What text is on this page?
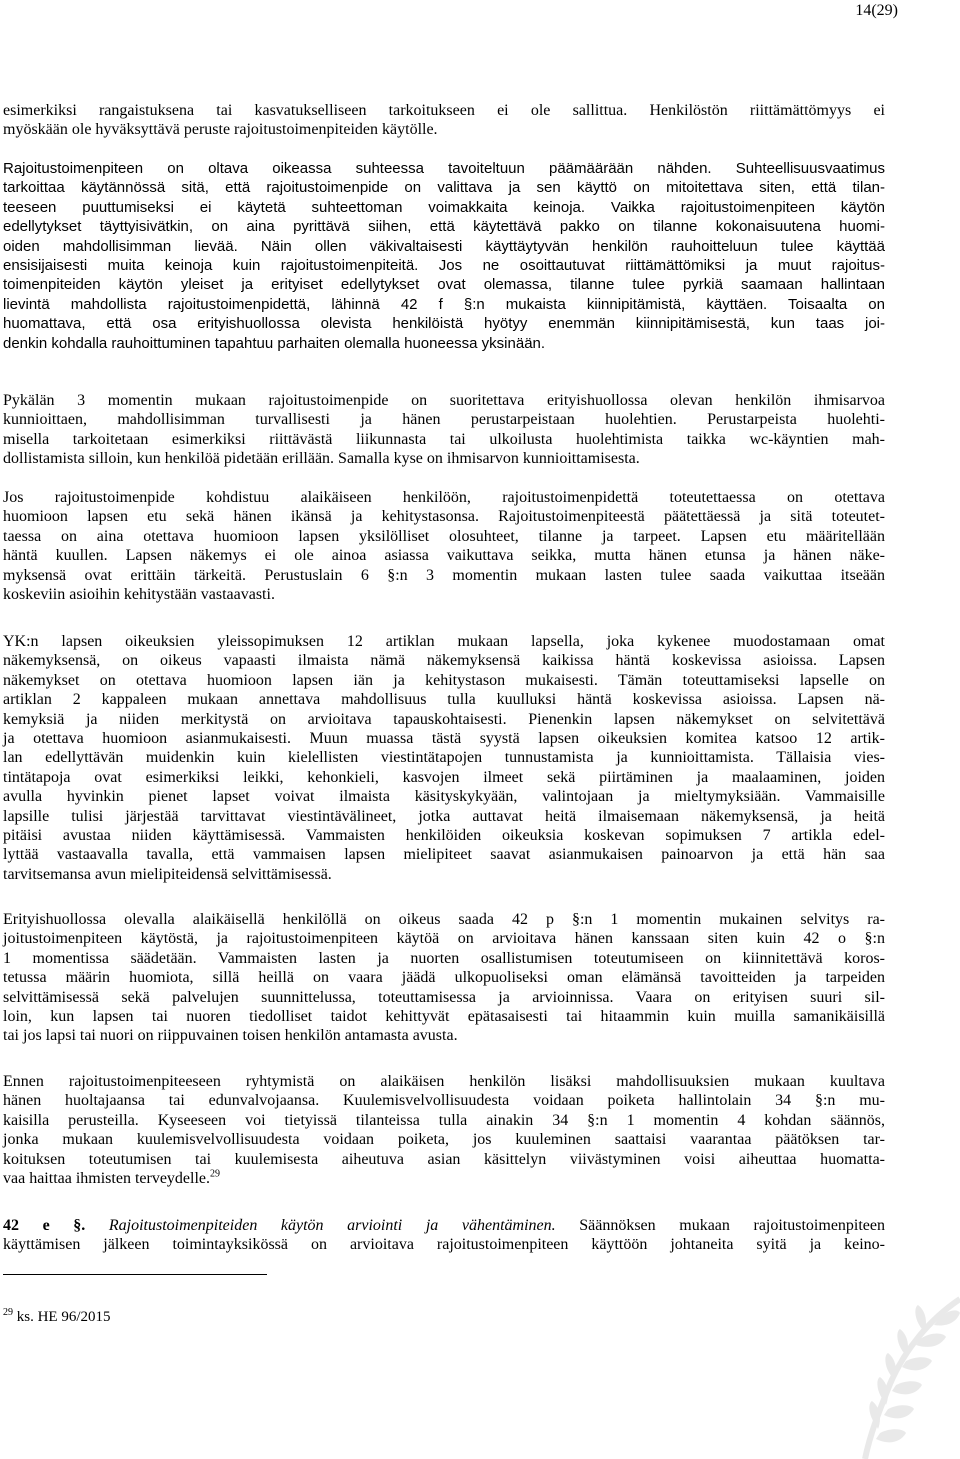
14(29)
esimerkiksi rangaistuksena tai kasvatukselliseen tarkoitukseen ei ole sallittua. Henkilöstön riittämättömyys ei
myöskään ole hyväksyttävä peruste rajoitustoimenpiteiden käytölle.
Rajoitustoimenpiteen on oltava oikeassa suhteessa tavoiteltuun päämäärään nähden. Suhteellisuusvaatimus
tarkoittaa käytännössä sitä, että rajoitustoimenpide on valittava ja sen käyttö on mitoitettava siten, että tilan-
teeseen puuttumiseksi ei käytetä suhteettoman voimakkaita keinoja. Vaikka rajoitustoimenpiteen käytön
edellytykset täyttyisivätkin, on aina pyrittävä siihen, että käytettävä pakko on tilanne kokonaisuutena huomi-
oiden mahdollisimman lievää. Näin ollen väkivaltaisesti käyttäytyvän henkilön rauhoitteluun tulee käyttää
ensisijaisesti muita keinoja kuin rajoitustoimenpiteitä. Jos ne osoittautuvat riittämättömiksi ja muut rajoitus-
toimenpiteiden käytön yleiset ja erityiset edellytykset ovat olemassa, tilanne tulee pyrkiä saamaan hallintaan
lievintä mahdollista rajoitustoimenpidettä, lähinnä 42 f §:n mukaista kiinnipitämistä, käyttäen. Toisaalta on
huomattava, että osa erityishuollossa olevista henkilöistä hyötyy enemmän kiinnipitämisestä, kun taas joi-
denkin kohdalla rauhoittuminen tapahtuu parhaiten olemalla huoneessa yksinään.
Pykälän 3 momentin mukaan rajoitustoimenpide on suoritettava erityishuollossa olevan henkilön ihmisarvoa
kunnioittaen, mahdollisimman turvallisesti ja hänen perustarpeistaan huolehtien. Perustarpeista huolehti-
misella tarkoitetaan esimerkiksi riittävästä liikunnasta tai ulkoilusta huolehtimista taikka wc-käyntien mah-
dollistamista silloin, kun henkilöä pidetään erillään. Samalla kyse on ihmisarvon kunnioittamisesta.
Jos rajoitustoimenpide kohdistuu alaikäiseen henkilöön, rajoitustoimenpidettä toteutettaessa on otettava
huomioon lapsen etu sekä hänen ikänsä ja kehitystasonsa. Rajoitustoimenpiteestä päätettäessä ja sitä toteutet-
taessa on aina otettava huomioon lapsen yksilölliset olosuhteet, tilanne ja tarpeet. Lapsen etu määritellään
häntä kuullen. Lapsen näkemys ei ole ainoa asiassa vaikuttava seikka, mutta hänen etunsa ja hänen näke-
myksensä ovat erittäin tärkeitä. Perustuslain 6 §:n 3 momentin mukaan lasten tulee saada vaikuttaa itseään
koskeviin asioihin kehitystään vastaavasti.
YK:n lapsen oikeuksien yleissopimuksen 12 artiklan mukaan lapsella, joka kykenee muodostamaan omat
näkemyksensä, on oikeus vapaasti ilmaista nämä näkemyksensä kaikissa häntä koskevissa asioissa. Lapsen
näkemykset on otettava huomioon lapsen iän ja kehitystason mukaisesti. Tämän toteuttamiseksi lapselle on
artiklan 2 kappaleen mukaan annettava mahdollisuus tulla kuulluksi häntä koskevissa asioissa. Lapsen nä-
kemyksiä ja niiden merkitystä on arvioitava tapauskohtaisesti. Pienenkin lapsen näkemykset on selvitettävä
ja otettava huomioon asianmukaisesti. Muun muassa tästä syystä lapsen oikeuksien komitea katsoo 12 artik-
lan edellyttävän muidenkin kuin kielellisten viestintätapojen tunnustamista ja kunnioittamista. Tällaisia vies-
tintätapoja ovat esimerkiksi leikki, kehonkieli, kasvojen ilmeet sekä piirtäminen ja maalaaminen, joiden
avulla hyvinkin pienet lapset voivat ilmaista käsityskykyään, valintojaan ja mieltymyksiään. Vammaisille
lapsille tulisi järjestää tarvittavat viestintävälineet, jotka auttavat heitä ilmaisemaan näkemyksensä, ja heitä
pitäisi avustaa niiden käyttämisessä. Vammaisten henkilöiden oikeuksia koskevan sopimuksen 7 artikla edel-
lyttää vastaavalla tavalla, että vammaisen lapsen mielipiteet saavat asianmukaisen painoarvon ja että hän saa
tarvitsemansa avun mielipiteidensä selvittämisessä.
Erityishuollossa olevalla alaikäisellä henkilöllä on oikeus saada 42 p §:n 1 momentin mukainen selvitys ra-
joitustoimenpiteen käytöstä, ja rajoitustoimenpiteen käytöä on arvioitava hänen kanssaan siten kuin 42 o §:n
1 momentissa säädetään. Vammaisten lasten ja nuorten osallistumisen toteutumiseen on kiinnitettävä koros-
tetussa määrin huomiota, sillä heillä on vaara jäädä ulkopuoliseksi oman elämänsä tavoitteiden ja tarpeiden
selvittämisessä sekä palvelujen suunnittelussa, toteuttamisessa ja arvioinnissa. Vaara on erityisen suuri sil-
loin, kun lapsen tai nuoren tiedolliset taidot kehittyvät epätasaisesti tai hitaammin kuin muilla samanikäisillä
tai jos lapsi tai nuori on riippuvainen toisen henkilön antamasta avusta.
Ennen rajoitustoimenpiteeseen ryhtymistä on alaikäisen henkilön lisäksi mahdollisuuksien mukaan kuultava
hänen huoltajaansa tai edunvalvojaansa. Kuulemisvelvollisuudesta voidaan poiketa hallintolain 34 §:n mu-
kaisilla perusteilla. Kyseeseen voi tietyissä tilanteissa tulla ainakin 34 §:n 1 momentin 4 kohdan säännös,
jonka mukaan kuulemisvelvollisuudesta voidaan poiketa, jos kuuleminen saattaisi vaarantaa päätöksen tar-
koituksen toteutumisen tai kuulemisesta aiheutuva asian käsittelyn viivästyminen voisi aiheuttaa huomatta-
vaa haittaa ihmisten terveydelle.$^{29}$
42 e §. Rajoitustoimenpiteiden käytön arviointi ja vähentäminen. Säännöksen mukaan rajoitustoimenpiteen
käyttämisen jälkeen toimintayksikössä on arvioitava rajoitustoimenpiteen käyttöön johtaneita syitä ja keino-
$^{29}$ ks. HE 96/2015
